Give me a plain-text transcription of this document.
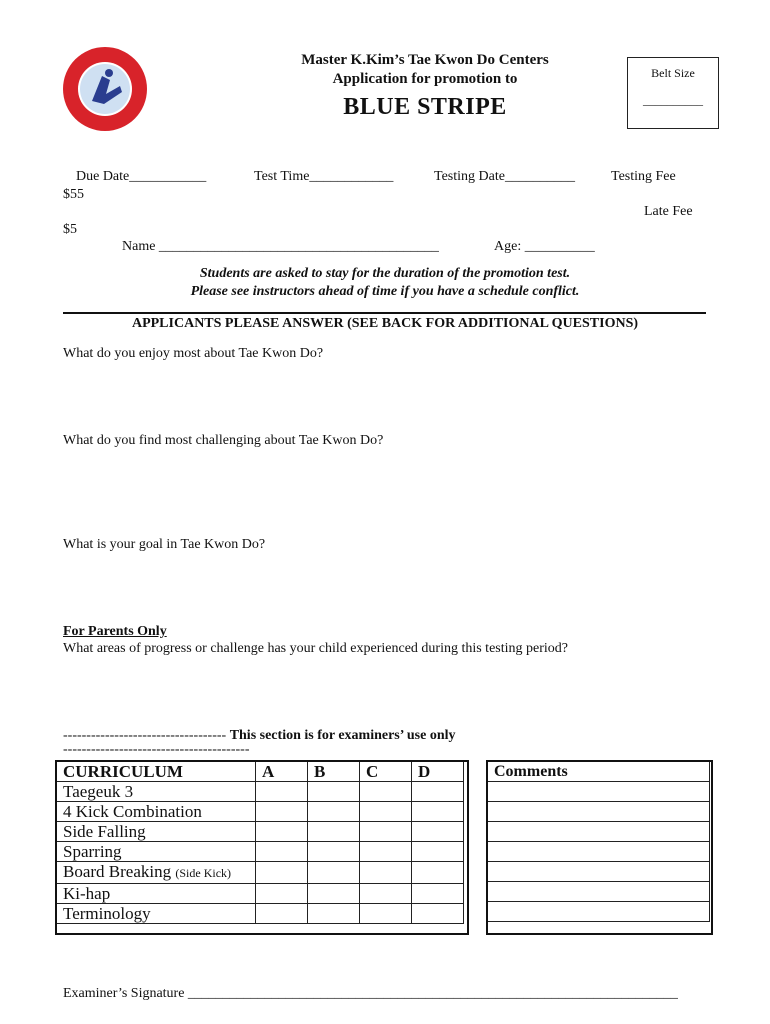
Master K.Kim’s Tae Kwon Do Centers
Application for promotion to
BLUE STRIPE
Belt Size
__________
Due Date___________	Test Time____________	Testing Date__________	Testing Fee
$55
Late Fee
$5
Name ________________________________________	Age: __________
Students are asked to stay for the duration of the promotion test.
Please see instructors ahead of time if you have a schedule conflict.
APPLICANTS PLEASE ANSWER (SEE BACK FOR ADDITIONAL QUESTIONS)
What do you enjoy most about Tae Kwon Do?
What do you find most challenging about Tae Kwon Do?
What is your goal in Tae Kwon Do?
For Parents Only
What areas of progress or challenge has your child experienced during this testing period?
----------------------------------- This section is for examiners’ use only
----------------------------------------
CURRICULUM	A	B	C	D
Taegeuk 3				
4 Kick Combination				
Side Falling				
Sparring				
Board Breaking (Side Kick)				
Ki-hap				
Terminology				
Comments

Examiner’s Signature ______________________________________________________________________
